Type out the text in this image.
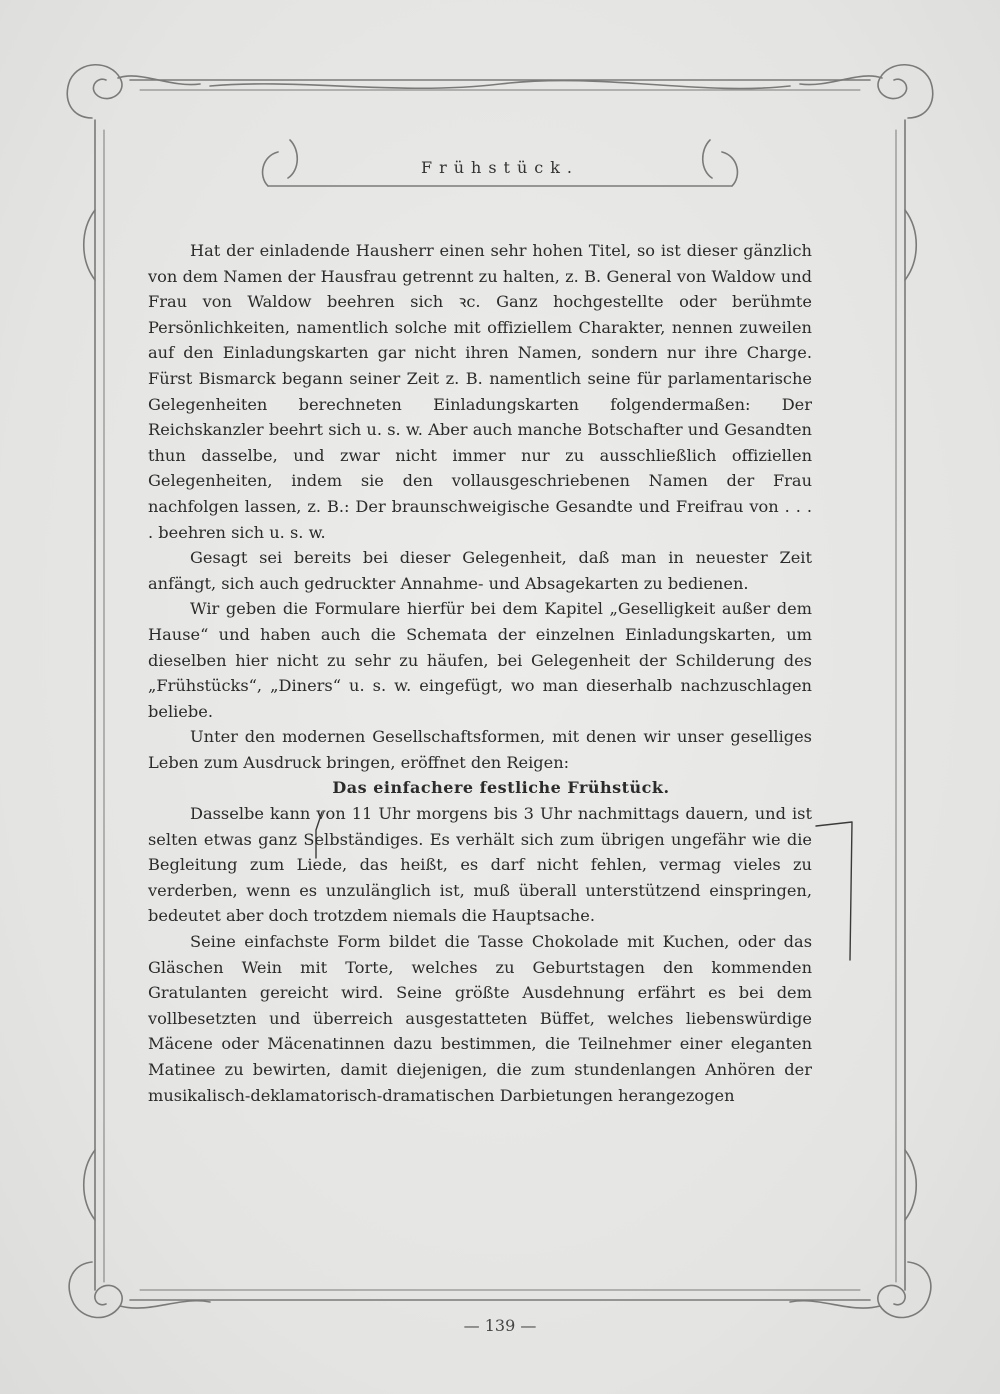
Frühstück.

Hat der einladende Hausherr einen sehr hohen Titel, so ist dieser gänzlich von dem Namen der Hausfrau getrennt zu halten, z. B. General von Waldow und Frau von Waldow beehren sich ꝛc. Ganz hochgestellte oder berühmte Persönlichkeiten, namentlich solche mit offiziellem Charakter, nennen zuweilen auf den Einladungskarten gar nicht ihren Namen, sondern nur ihre Charge. Fürst Bismarck begann seiner Zeit z. B. namentlich seine für parlamentarische Gelegenheiten berechneten Einladungskarten folgendermaßen: Der Reichskanzler beehrt sich u. s. w. Aber auch manche Botschafter und Gesandten thun dasselbe, und zwar nicht immer nur zu ausschließlich offiziellen Gelegenheiten, indem sie den vollausgeschriebenen Namen der Frau nachfolgen lassen, z. B.: Der braunschweigische Gesandte und Freifrau von . . . . beehren sich u. s. w.

Gesagt sei bereits bei dieser Gelegenheit, daß man in neuester Zeit anfängt, sich auch gedruckter Annahme- und Absagekarten zu bedienen.

Wir geben die Formulare hierfür bei dem Kapitel „Geselligkeit außer dem Hause“ und haben auch die Schemata der einzelnen Einladungskarten, um dieselben hier nicht zu sehr zu häufen, bei Gelegenheit der Schilderung des „Frühstücks“, „Diners“ u. s. w. eingefügt, wo man dieserhalb nachzuschlagen beliebe.

Unter den modernen Gesellschaftsformen, mit denen wir unser geselliges Leben zum Ausdruck bringen, eröffnet den Reigen:

Das einfachere festliche Frühstück.

Dasselbe kann von 11 Uhr morgens bis 3 Uhr nachmittags dauern, und ist selten etwas ganz Selbständiges. Es verhält sich zum übrigen ungefähr wie die Begleitung zum Liede, das heißt, es darf nicht fehlen, vermag vieles zu verderben, wenn es unzulänglich ist, muß überall unterstützend einspringen, bedeutet aber doch trotzdem niemals die Hauptsache.

Seine einfachste Form bildet die Tasse Chokolade mit Kuchen, oder das Gläschen Wein mit Torte, welches zu Geburtstagen den kommenden Gratulanten gereicht wird. Seine größte Ausdehnung erfährt es bei dem vollbesetzten und überreich ausgestatteten Büffet, welches liebenswürdige Mäcene oder Mäcenatinnen dazu bestimmen, die Teilnehmer einer eleganten Matinee zu bewirten, damit diejenigen, die zum stundenlangen Anhören der musikalisch-deklamatorisch-dramatischen Darbietungen herangezogen

— 139 —
